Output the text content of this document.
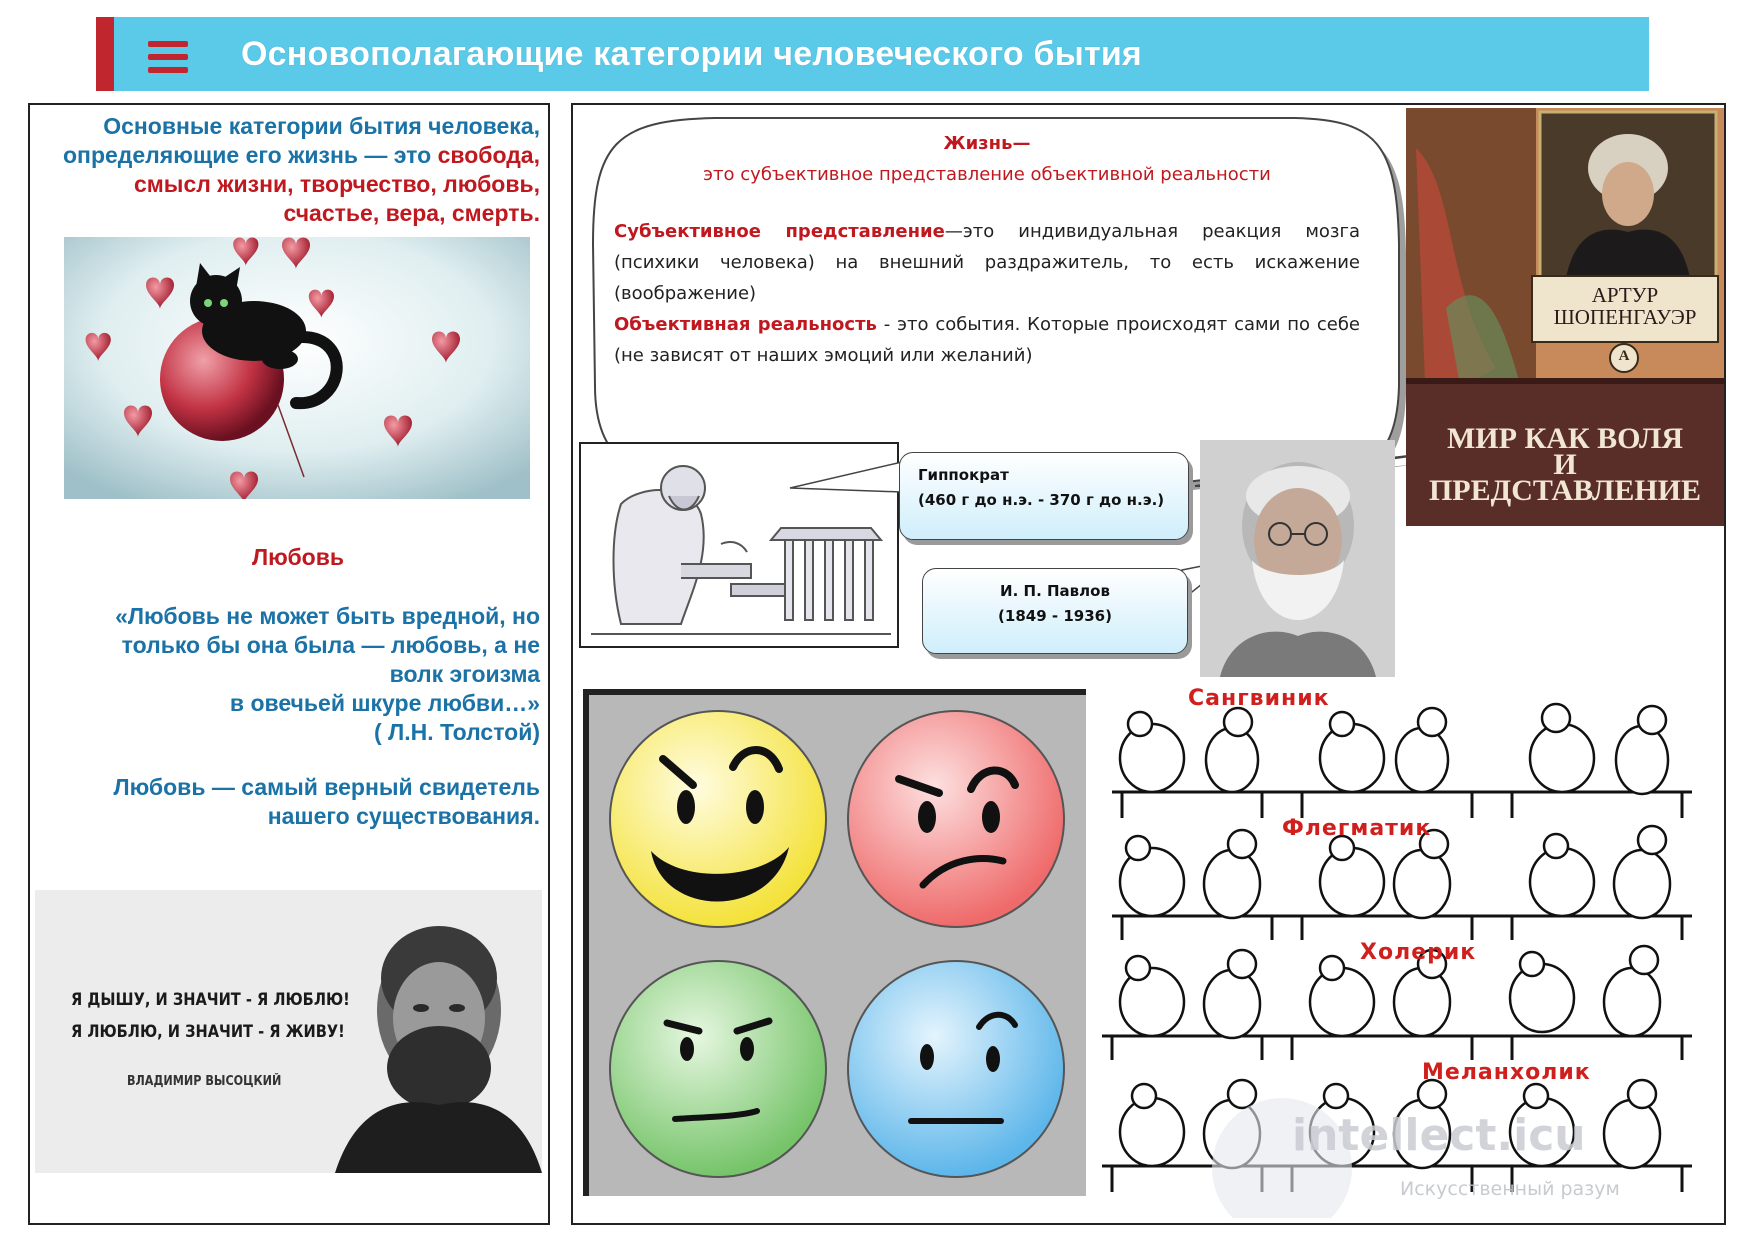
Основополагающие категории человеческого бытия
Основные категории бытия человека, определяющие его жизнь — это свобода, смысл жизни, творчество, любовь, счастье, вера, смерть.
Любовь
«Любовь не может быть вредной, но
только бы она была — любовь, а не
волк эгоизма
в овечьей шкуре любви…»
( Л.Н. Толстой)
Любовь — самый верный свидетель
нашего существования.
Я ДЫШУ, И ЗНАЧИТ - Я ЛЮБЛЮ!
Я ЛЮБЛЮ, И ЗНАЧИТ - Я ЖИВУ!
ВЛАДИМИР ВЫСОЦКИЙ
Жизнь—
это субъективное представление объективной реальности
Субъективное представление—это индивидуальная реакция мозга (психики человека) на внешний раздражитель, то есть искажение (воображение)
Объективная реальность - это события. Которые происходят сами по себе (не зависят от наших эмоций или желаний)
АРТУР
ШОПЕНГАУЭР
А
МИР КАК ВОЛЯ
И
ПРЕДСТАВЛЕНИЕ
Гиппократ
(460 г до н.э. - 370 г до н.э.)
И. П. Павлов
(1849 - 1936)
Сангвиник
Флегматик
Холерик
Меланхолик
intellect.icu
Искусственный разум
